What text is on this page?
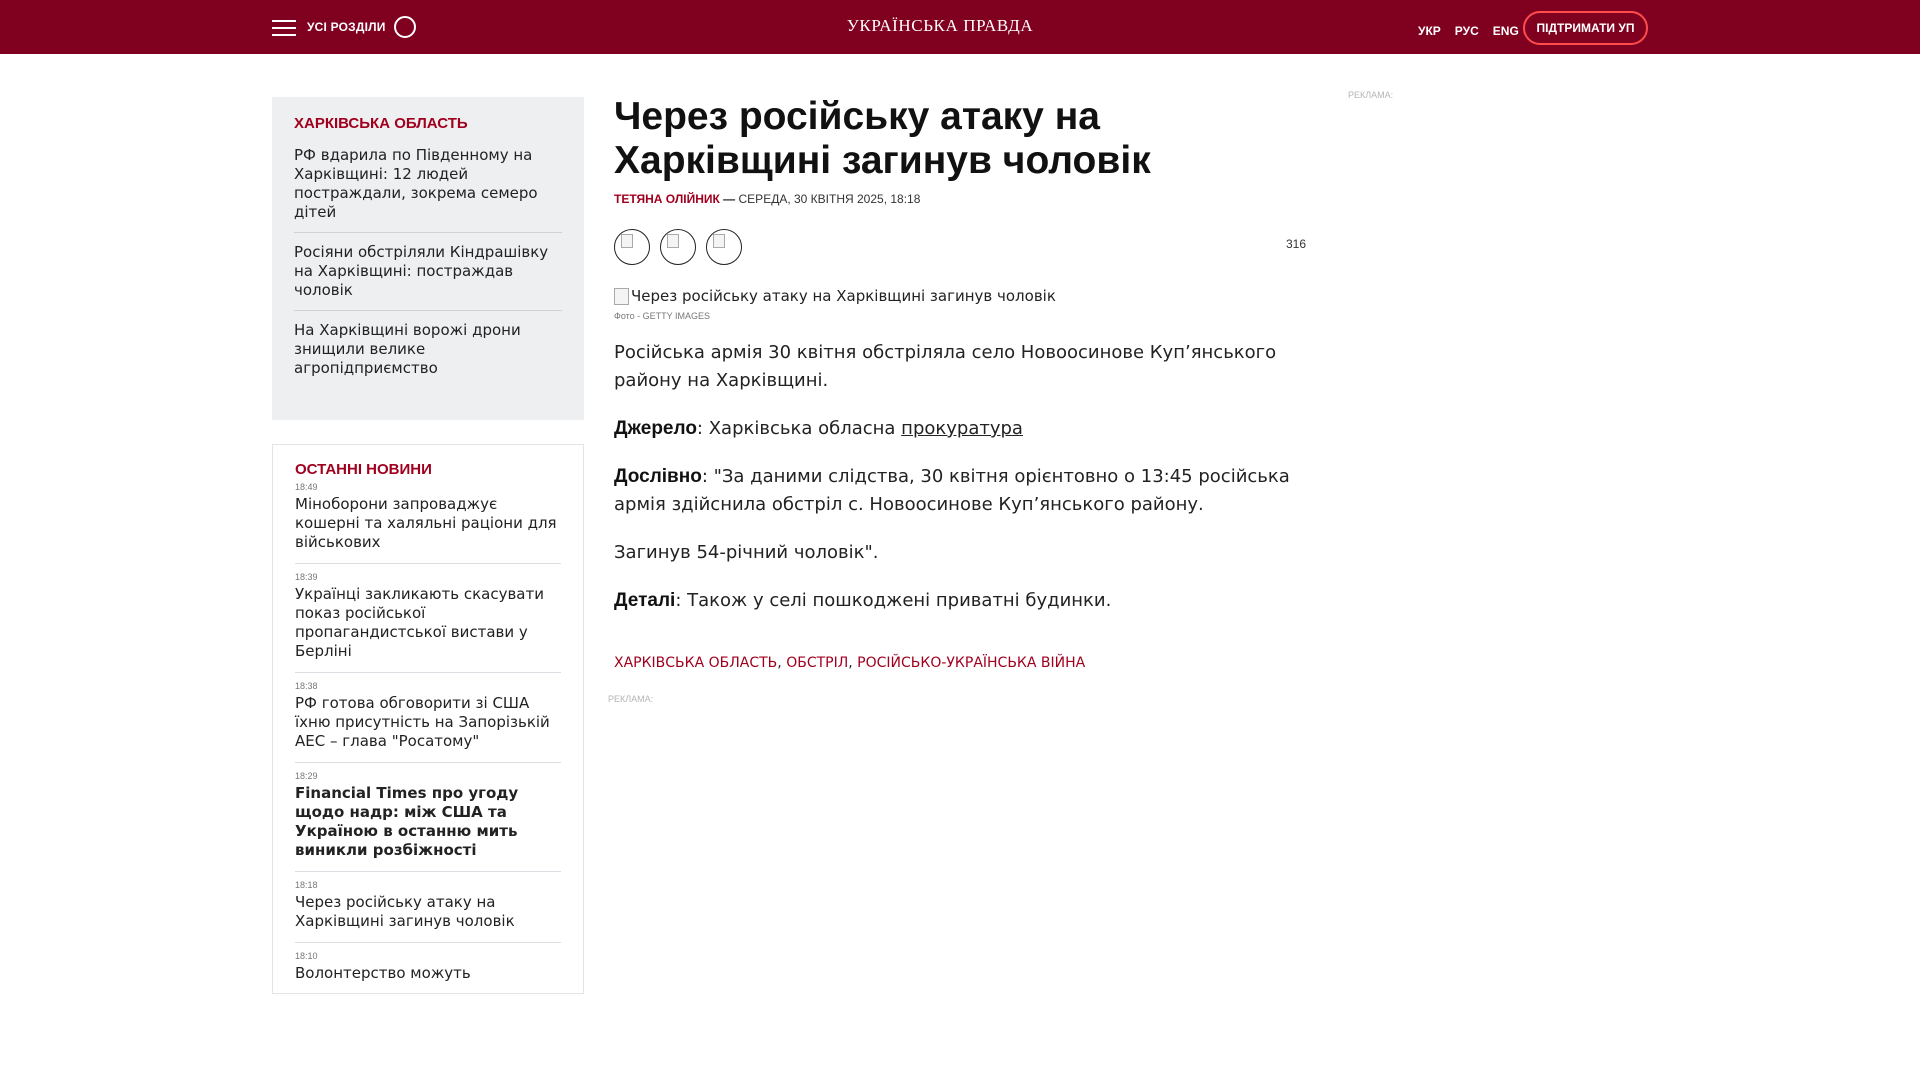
УСІ РОЗДІЛИ	УКРАЇНСЬКА ПРАВДА	УКР РУС ENG	ПІДТРИМАТИ УП
ХАРКІВСЬКА ОБЛАСТЬ
РФ вдарила по Південному на Харківщині: 12 людей постраждали, зокрема семеро дітей
Росіяни обстріляли Кіндрашівку на Харківщині: постраждав чоловік
На Харківщині ворожі дрони знищили велике агропідприємство
ОСТАННІ НОВИНИ
18:49
Міноборони запроваджує кошерні та халяльні раціони для військових
18:39
Українці закликають скасувати показ російської пропагандистської вистави у Берліні
18:38
РФ готова обговорити зі США їхню присутність на Запорізькій АЕС – глава "Росатому"
18:29
Financial Times про угоду щодо надр: між США та Україною в останню мить виникли розбіжності
18:18
Через російську атаку на Харківщині загинув чоловік
18:10
Волонтерство можуть
Через російську атаку на Харківщині загинув чоловік
ТЕТЯНА ОЛІЙНИК — СЕРЕДА, 30 КВІТНЯ 2025, 18:18
316
Через російську атаку на Харківщині загинув чоловік
Фото - GETTY IMAGES

Російська армія 30 квітня обстріляла село Новоосинове Куп’янського району на Харківщині.

Джерело: Харківська обласна прокуратура

Дослівно: "За даними слідства, 30 квітня орієнтовно о 13:45 російська армія здійснила обстріл с. Новоосинове Куп’янського району.

Загинув 54-річний чоловік".

Деталі: Також у селі пошкоджені приватні будинки.

ХАРКІВСЬКА ОБЛАСТЬ, ОБСТРІЛ, РОСІЙСЬКО-УКРАЇНСЬКА ВІЙНА
РЕКЛАМА:
РЕКЛАМА:
